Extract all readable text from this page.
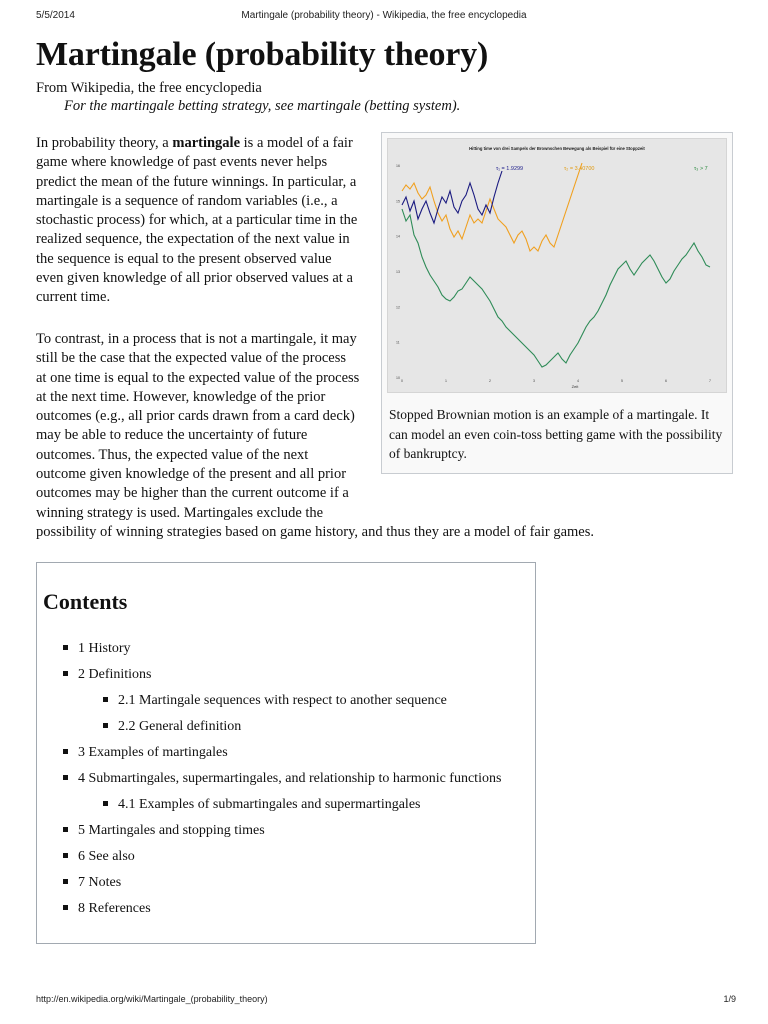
5/5/2014	Martingale (probability theory) - Wikipedia, the free encyclopedia
Martingale (probability theory)
From Wikipedia, the free encyclopedia
For the martingale betting strategy, see martingale (betting system).
In probability theory, a martingale is a model of a fair game where knowledge of past events never helps predict the mean of the future winnings. In particular, a martingale is a sequence of random variables (i.e., a stochastic process) for which, at a particular time in the realized sequence, the expectation of the next value in the sequence is equal to the present observed value even given knowledge of all prior observed values at a current time.
To contrast, in a process that is not a martingale, it may still be the case that the expected value of the process at one time is equal to the expected value of the process at the next time. However, knowledge of the prior outcomes (e.g., all prior cards drawn from a card deck) may be able to reduce the uncertainty of future outcomes. Thus, the expected value of the next outcome given knowledge of the present and all prior outcomes may be higher than the current outcome if a winning strategy is used. Martingales exclude the possibility of winning strategies based on game history, and thus they are a model of fair games.
Hitting time von drei Sampels der Brownschen Bewegung als Beispiel für eine Stoppzeit
τ₁ = 1.9299	τ₂ = 3.40700	τ₃ > 7
10
11
12
13
14
15
16
0	1	2	3	4	5	6	7
Zeit
Stopped Brownian motion is an example of a martingale. It can model an even coin-toss betting game with the possibility of bankruptcy.
Contents
1 History
2 Definitions
2.1 Martingale sequences with respect to another sequence
2.2 General definition
3 Examples of martingales
4 Submartingales, supermartingales, and relationship to harmonic functions
4.1 Examples of submartingales and supermartingales
5 Martingales and stopping times
6 See also
7 Notes
8 References
http://en.wikipedia.org/wiki/Martingale_(probability_theory)	1/9
